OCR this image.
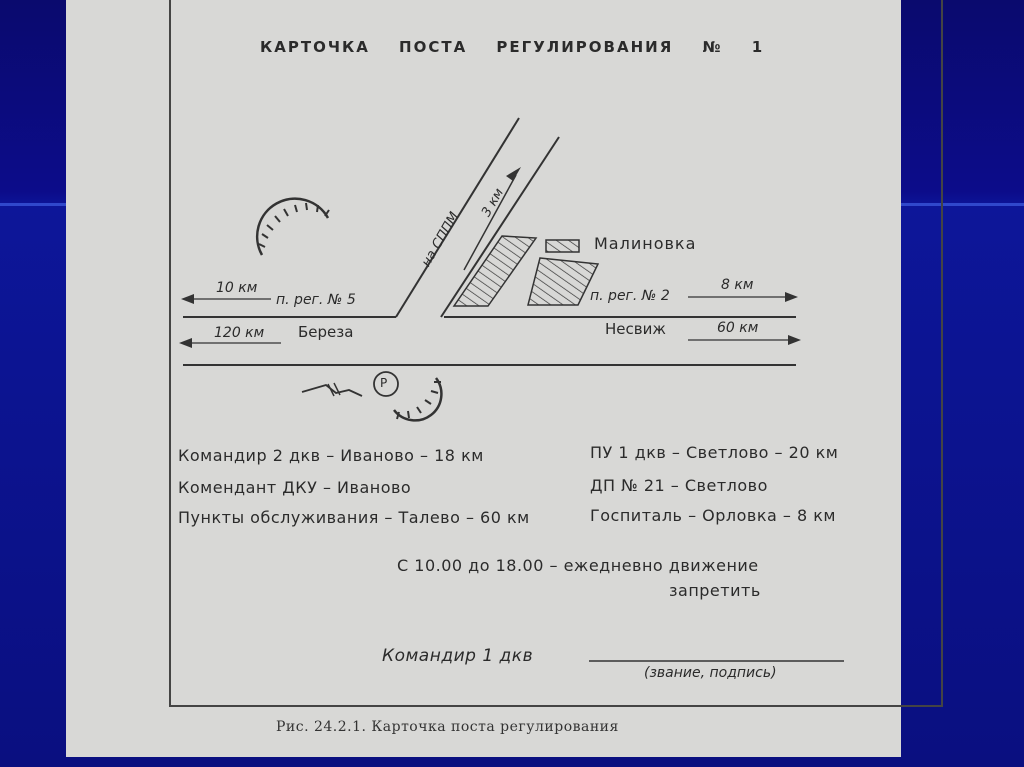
КАРТОЧКА ПОСТА РЕГУЛИРОВАНИЯ № 1
Малиновка
на СППМ
3 км
10 км
п. рег. № 5
120 км Береза
п. рег. № 2
8 км
Несвиж	60 км
Р
Командир 2 дкв – Иваново – 18 км
Комендант ДКУ – Иваново
Пункты обслуживания – Талево – 60 км
ПУ 1 дкв – Светлово – 20 км
ДП № 21 – Светлово
Госпиталь – Орловка – 8 км
С 10.00 до 18.00 – ежедневно движение
запретить
Командир 1 дкв
(звание, подпись)
Рис. 24.2.1. Карточка поста регулирования
